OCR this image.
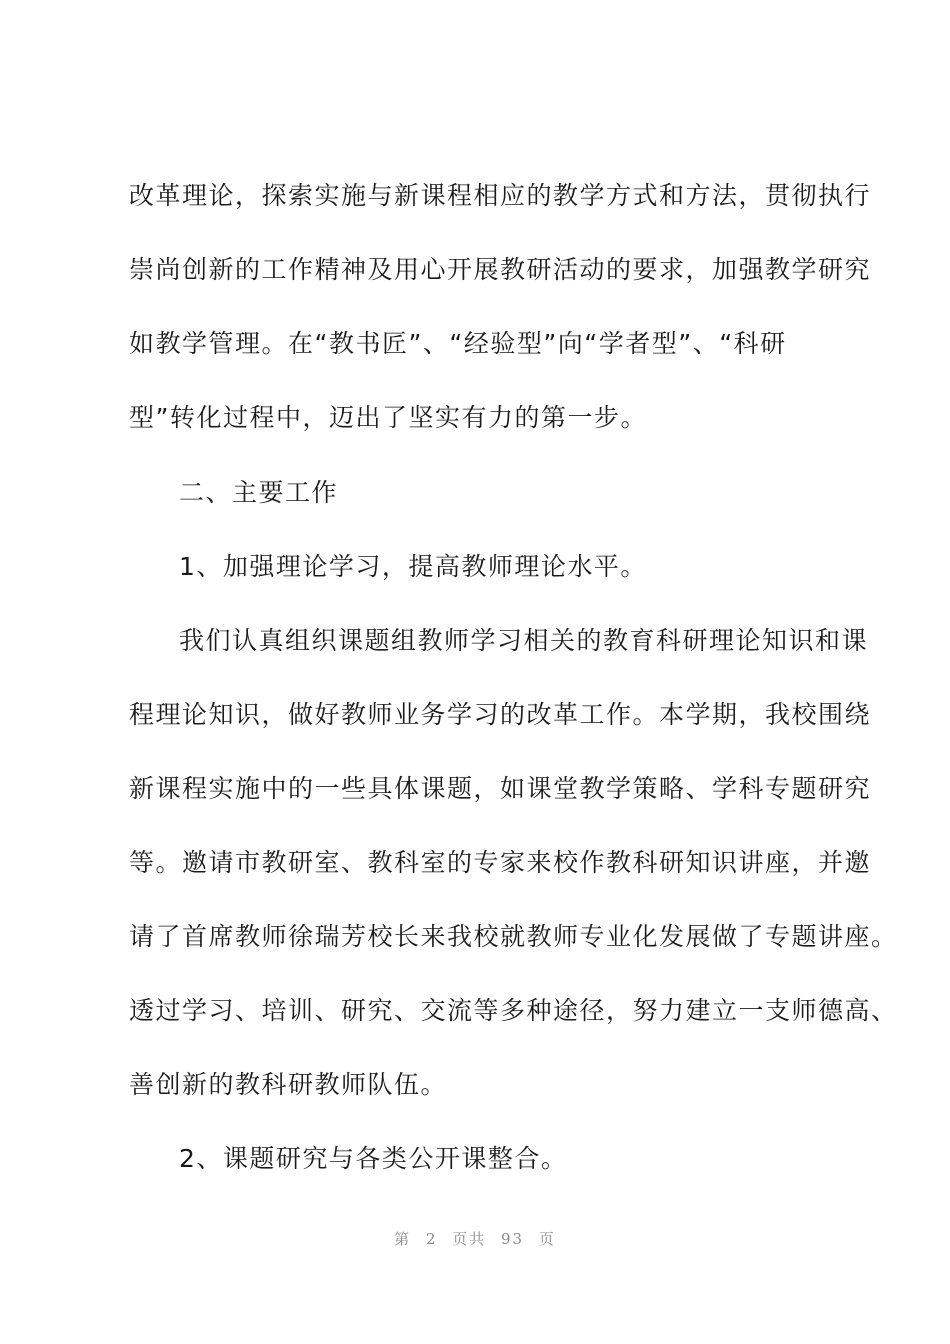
改革理论，探索实施与新课程相应的教学方式和方法，贯彻执行
崇尚创新的工作精神及用心开展教研活动的要求，加强教学研究
如教学管理。在“教书匠”、“经验型”向“学者型”、“科研
型”转化过程中，迈出了坚实有力的第一步。
二、主要工作
1、加强理论学习，提高教师理论水平。
我们认真组织课题组教师学习相关的教育科研理论知识和课
程理论知识，做好教师业务学习的改革工作。本学期，我校围绕
新课程实施中的一些具体课题，如课堂教学策略、学科专题研究
等。邀请市教研室、教科室的专家来校作教科研知识讲座，并邀
请了首席教师徐瑞芳校长来我校就教师专业化发展做了专题讲座。
透过学习、培训、研究、交流等多种途径，努力建立一支师德高、
善创新的教科研教师队伍。
2、课题研究与各类公开课整合。
第 2 页共 93 页
